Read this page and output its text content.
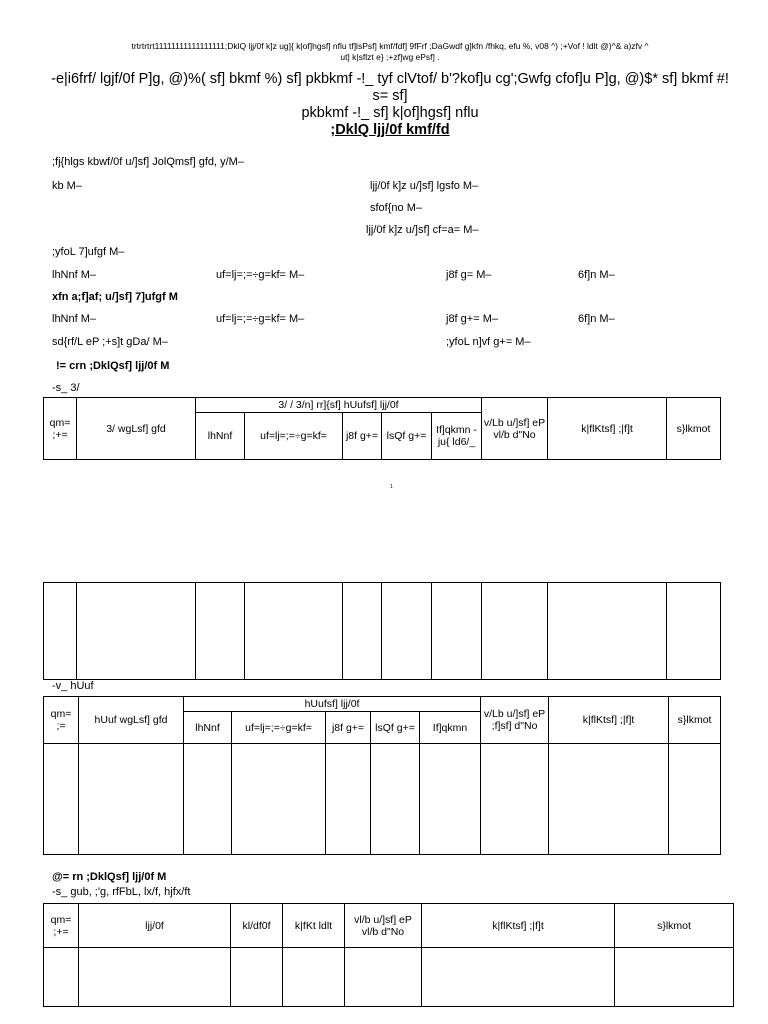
trtrtrtrt11111111111111111;DklQ ljj/0f k]z ug]{ k|of]hgsf] nflu tf]lsPsf] kmf/fdf] 9fFrf ;DaGwdf g]kfn /fhkq, efu %, v08 ^) ;+Vof ! ldlt @)^& a)zfv ^
ut] k|sflzt e} ;+zf]wg ePsf] .
-e|i6frf/ lgjf/0f P]g, @)%( sf] bkmf %) sf] pkbkmf -!_ tyf clVtof/ b'?kof]u cg';Gwfg cfof]u P]g, @)$* sf] bkmf #!
s= sf]
pkbkmf -!_ sf] k|of]hgsf] nflu
;DklQ ljj/0f kmf/fd
;fj{hlgs kbwf/0f u/]sf] JolQmsf] gfd, y/M–
kb M–	ljj/0f k]z u/]sf] lgsfo M–
sfof{no M–
ljj/0f k]z u/]sf] cf=a= M–
;yfoL 7]ufgf M–
lhNnf M–	uf=lj=;=÷g=kf= M–	j8f g= M–	6f]n M–
xfn a;f]af; u/]sf] 7]ufgf M
lhNnf M–	uf=lj=;=÷g=kf= M–	j8f g+= M–	6f]n M–
sd{rf/L eP ;+s]t gDa/ M–	;yfoL n]vf g+= M–
!= crn ;DklQsf] ljj/0f M
-s_ 3/
qm= ;+=	3/ wgLsf] gfd	3/ / 3/n] rr]{sf] hUufsf] ljj/0f					v/Lb u/]sf] eP vl/b d"No	k|flKtsf] ;|f]t	s}lkmot
		lhNnf	uf=lj=;=÷g=kf=	j8f g+=	lsQf g+=	If]qkmn -ju{ ld6/_			
1

-v_ hUuf
qm= ;=	hUuf wgLsf] gfd	hUufsf] ljj/0f					v/Lb u/]sf] eP ;f]sf] d"No	k|flKtsf] ;|f]t	s}lkmot
		lhNnf	uf=lj=;=÷g=kf=	j8f g+=	lsQf g+=	If]qkmn			

@= rn ;DklQsf] ljj/0f M
-s_ gub, ;'g, rfFbL, lx/f, hjfx/ft
qm= ;+=	ljj/0f	kl/df0f	k|fKt ldlt	vl/b u/]sf] eP vl/b d"No	k|flKtsf] ;|f]t	s}lkmot
